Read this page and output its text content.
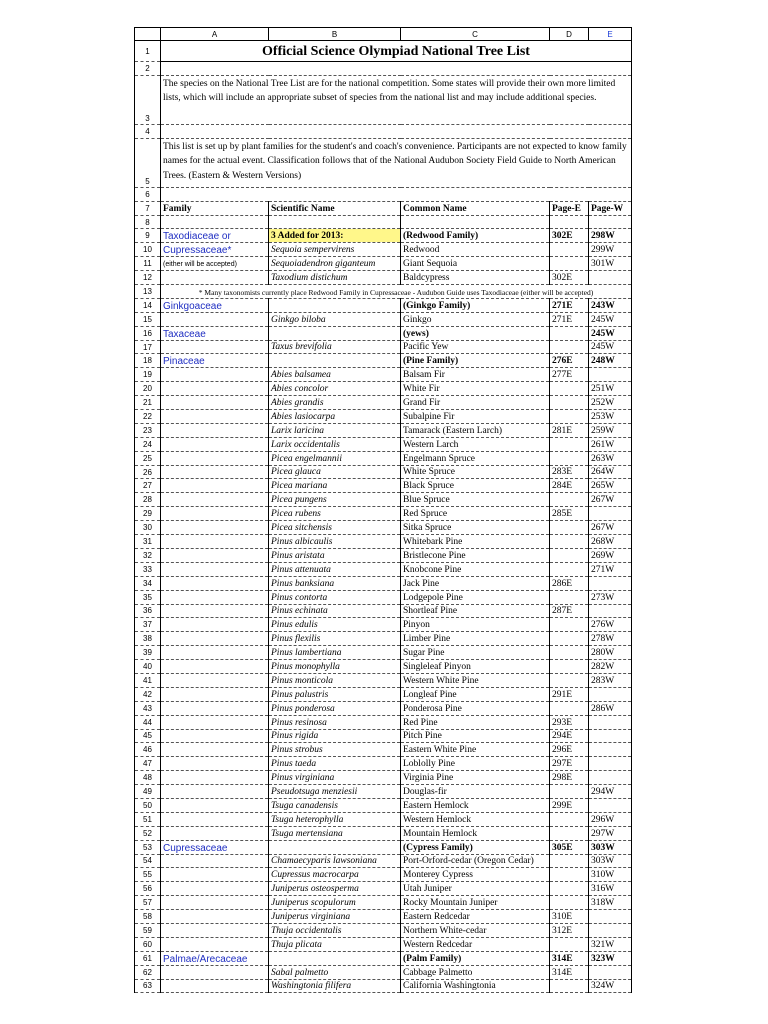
	A	B	C	D	E
1	Official Science Olympiad National Tree List				
2					
3	The species on the National Tree List are for the national competition. Some states will provide their own more limited lists, which will include an appropriate subset of species from the national list and may include additional species.				
4					
5	This list is set up by plant families for the student's and coach's convenience. Participants are not expected to know family names for the actual event. Classification follows that of the National Audubon Society Field Guide to North American Trees. (Eastern & Western Versions)				
6					
7	Family	Scientific Name	Common Name	Page-E	Page-W
8					
9	Taxodiaceae or	3 Added for 2013:	(Redwood Family)	302E	298W
10	Cupressaceae*	Sequoia sempervirens	Redwood		299W
11	(either will be accepted)	Sequoiadendron giganteum	Giant Sequoia		301W
12		Taxodium distichum	Baldcypress	302E	
13	* Many taxonomists currently place Redwood Family in Cupressaceae - Audubon Guide uses Taxodiaceae (either will be accepted)				
14	Ginkgoaceae		(Ginkgo Family)	271E	243W
15		Ginkgo biloba	Ginkgo	271E	245W
16	Taxaceae		(yews)		245W
17		Taxus brevifolia	Pacific Yew		245W
18	Pinaceae		(Pine Family)	276E	248W
19		Abies balsamea	Balsam Fir	277E	
20		Abies concolor	White Fir		251W
21		Abies grandis	Grand Fir		252W
22		Abies lasiocarpa	Subalpine Fir		253W
23		Larix laricina	Tamarack (Eastern Larch)	281E	259W
24		Larix occidentalis	Western Larch		261W
25		Picea engelmannii	Engelmann Spruce		263W
26		Picea glauca	White Spruce	283E	264W
27		Picea mariana	Black Spruce	284E	265W
28		Picea pungens	Blue Spruce		267W
29		Picea rubens	Red Spruce	285E	
30		Picea sitchensis	Sitka Spruce		267W
31		Pinus albicaulis	Whitebark Pine		268W
32		Pinus aristata	Bristlecone Pine		269W
33		Pinus attenuata	Knobcone Pine		271W
34		Pinus banksiana	Jack Pine	286E	
35		Pinus contorta	Lodgepole Pine		273W
36		Pinus echinata	Shortleaf Pine	287E	
37		Pinus edulis	Pinyon		276W
38		Pinus flexilis	Limber Pine		278W
39		Pinus lambertiana	Sugar Pine		280W
40		Pinus monophylla	Singleleaf Pinyon		282W
41		Pinus monticola	Western White Pine		283W
42		Pinus palustris	Longleaf Pine	291E	
43		Pinus ponderosa	Ponderosa Pine		286W
44		Pinus resinosa	Red Pine	293E	
45		Pinus rigida	Pitch Pine	294E	
46		Pinus strobus	Eastern White Pine	296E	
47		Pinus taeda	Loblolly Pine	297E	
48		Pinus virginiana	Virginia Pine	298E	
49		Pseudotsuga menziesii	Douglas-fir		294W
50		Tsuga canadensis	Eastern Hemlock	299E	
51		Tsuga heterophylla	Western Hemlock		296W
52		Tsuga mertensiana	Mountain Hemlock		297W
53	Cupressaceae		(Cypress Family)	305E	303W
54		Chamaecyparis lawsoniana	Port-Orford-cedar (Oregon Cedar)		303W
55		Cupressus macrocarpa	Monterey Cypress		310W
56		Juniperus osteosperma	Utah Juniper		316W
57		Juniperus scopulorum	Rocky Mountain Juniper		318W
58		Juniperus virginiana	Eastern Redcedar	310E	
59		Thuja occidentalis	Northern White-cedar	312E	
60		Thuja plicata	Western Redcedar		321W
61	Palmae/Arecaceae		(Palm Family)	314E	323W
62		Sabal palmetto	Cabbage Palmetto	314E	
63		Washingtonia filifera	California Washingtonia		324W
